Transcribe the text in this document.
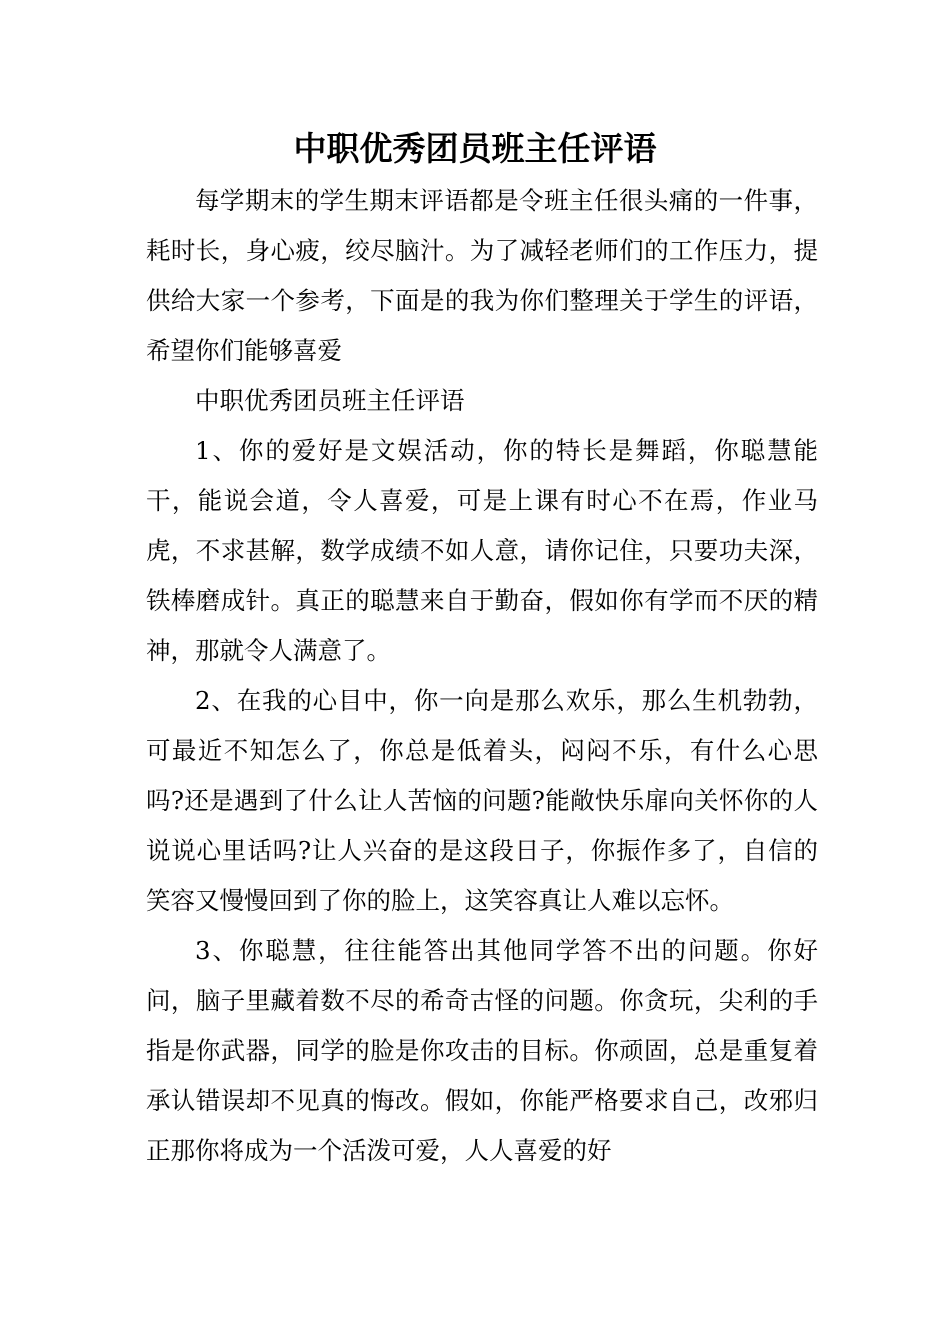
中职优秀团员班主任评语

每学期末的学生期末评语都是令班主任很头痛的一件事，耗时长，身心疲，绞尽脑汁。为了减轻老师们的工作压力，提供给大家一个参考，下面是的我为你们整理关于学生的评语，希望你们能够喜爱

中职优秀团员班主任评语

1、你的爱好是文娱活动，你的特长是舞蹈，你聪慧能干，能说会道，令人喜爱，可是上课有时心不在焉，作业马虎，不求甚解，数学成绩不如人意，请你记住，只要功夫深，铁棒磨成针。真正的聪慧来自于勤奋，假如你有学而不厌的精神，那就令人满意了。

2、在我的心目中，你一向是那么欢乐，那么生机勃勃，可最近不知怎么了，你总是低着头，闷闷不乐，有什么心思吗?还是遇到了什么让人苦恼的问题?能敞快乐扉向关怀你的人说说心里话吗?让人兴奋的是这段日子，你振作多了，自信的笑容又慢慢回到了你的脸上，这笑容真让人难以忘怀。

3、你聪慧，往往能答出其他同学答不出的问题。你好问，脑子里藏着数不尽的希奇古怪的问题。你贪玩，尖利的手指是你武器，同学的脸是你攻击的目标。你顽固，总是重复着承认错误却不见真的悔改。假如，你能严格要求自己，改邪归正那你将成为一个活泼可爱，人人喜爱的好
